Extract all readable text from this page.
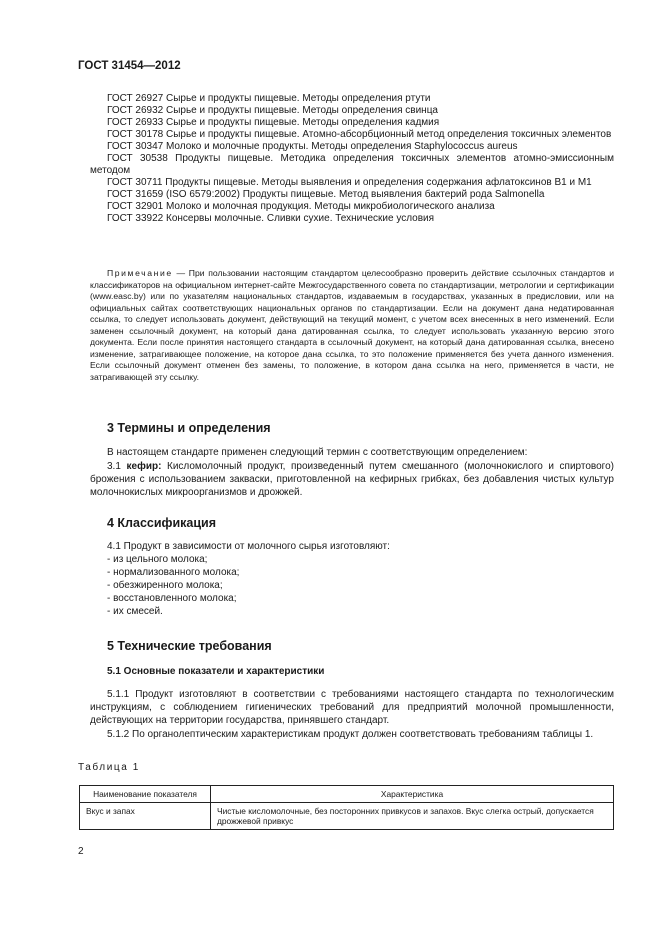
ГОСТ 31454—2012
ГОСТ 26927 Сырье и продукты пищевые. Методы определения ртути
ГОСТ 26932 Сырье и продукты пищевые. Методы определения свинца
ГОСТ 26933 Сырье и продукты пищевые. Методы определения кадмия
ГОСТ 30178 Сырье и продукты пищевые. Атомно-абсорбционный метод определения токсичных элементов
ГОСТ 30347 Молоко и молочные продукты. Методы определения Staphylococcus aureus
ГОСТ 30538 Продукты пищевые. Методика определения токсичных элементов атомно-эмиссионным методом
ГОСТ 30711 Продукты пищевые. Методы выявления и определения содержания афлатоксинов B1 и M1
ГОСТ 31659 (ISO 6579:2002) Продукты пищевые. Метод выявления бактерий рода Salmonella
ГОСТ 32901 Молоко и молочная продукция. Методы микробиологического анализа
ГОСТ 33922 Консервы молочные. Сливки сухие. Технические условия
Примечание — При пользовании настоящим стандартом целесообразно проверить действие ссылочных стандартов и классификаторов на официальном интернет-сайте Межгосударственного совета по стандартизации, метрологии и сертификации (www.easc.by) или по указателям национальных стандартов, издаваемым в государствах, указанных в предисловии, или на официальных сайтах соответствующих национальных органов по стандартизации. Если на документ дана недатированная ссылка, то следует использовать документ, действующий на текущий момент, с учетом всех внесенных в него изменений. Если заменен ссылочный документ, на который дана датированная ссылка, то следует использовать указанную версию этого документа. Если после принятия настоящего стандарта в ссылочный документ, на который дана датированная ссылка, внесено изменение, затрагивающее положение, на которое дана ссылка, то это положение применяется без учета данного изменения. Если ссылочный документ отменен без замены, то положение, в котором дана ссылка на него, применяется в части, не затрагивающей эту ссылку.
3 Термины и определения
В настоящем стандарте применен следующий термин с соответствующим определением:
3.1 кефир: Кисломолочный продукт, произведенный путем смешанного (молочнокислого и спиртового) брожения с использованием закваски, приготовленной на кефирных грибках, без добавления чистых культур молочнокислых микроорганизмов и дрожжей.
4 Классификация
4.1 Продукт в зависимости от молочного сырья изготовляют:
- из цельного молока;
- нормализованного молока;
- обезжиренного молока;
- восстановленного молока;
- их смесей.
5 Технические требования
5.1 Основные показатели и характеристики
5.1.1 Продукт изготовляют в соответствии с требованиями настоящего стандарта по технологическим инструкциям, с соблюдением гигиенических требований для предприятий молочной промышленности, действующих на территории государства, принявшего стандарт.
5.1.2 По органолептическим характеристикам продукт должен соответствовать требованиям таблицы 1.
Таблица 1
Наименование показателя	Характеристика
Вкус и запах	Чистые кисломолочные, без посторонних привкусов и запахов. Вкус слегка острый, допускается дрожжевой привкус
2
